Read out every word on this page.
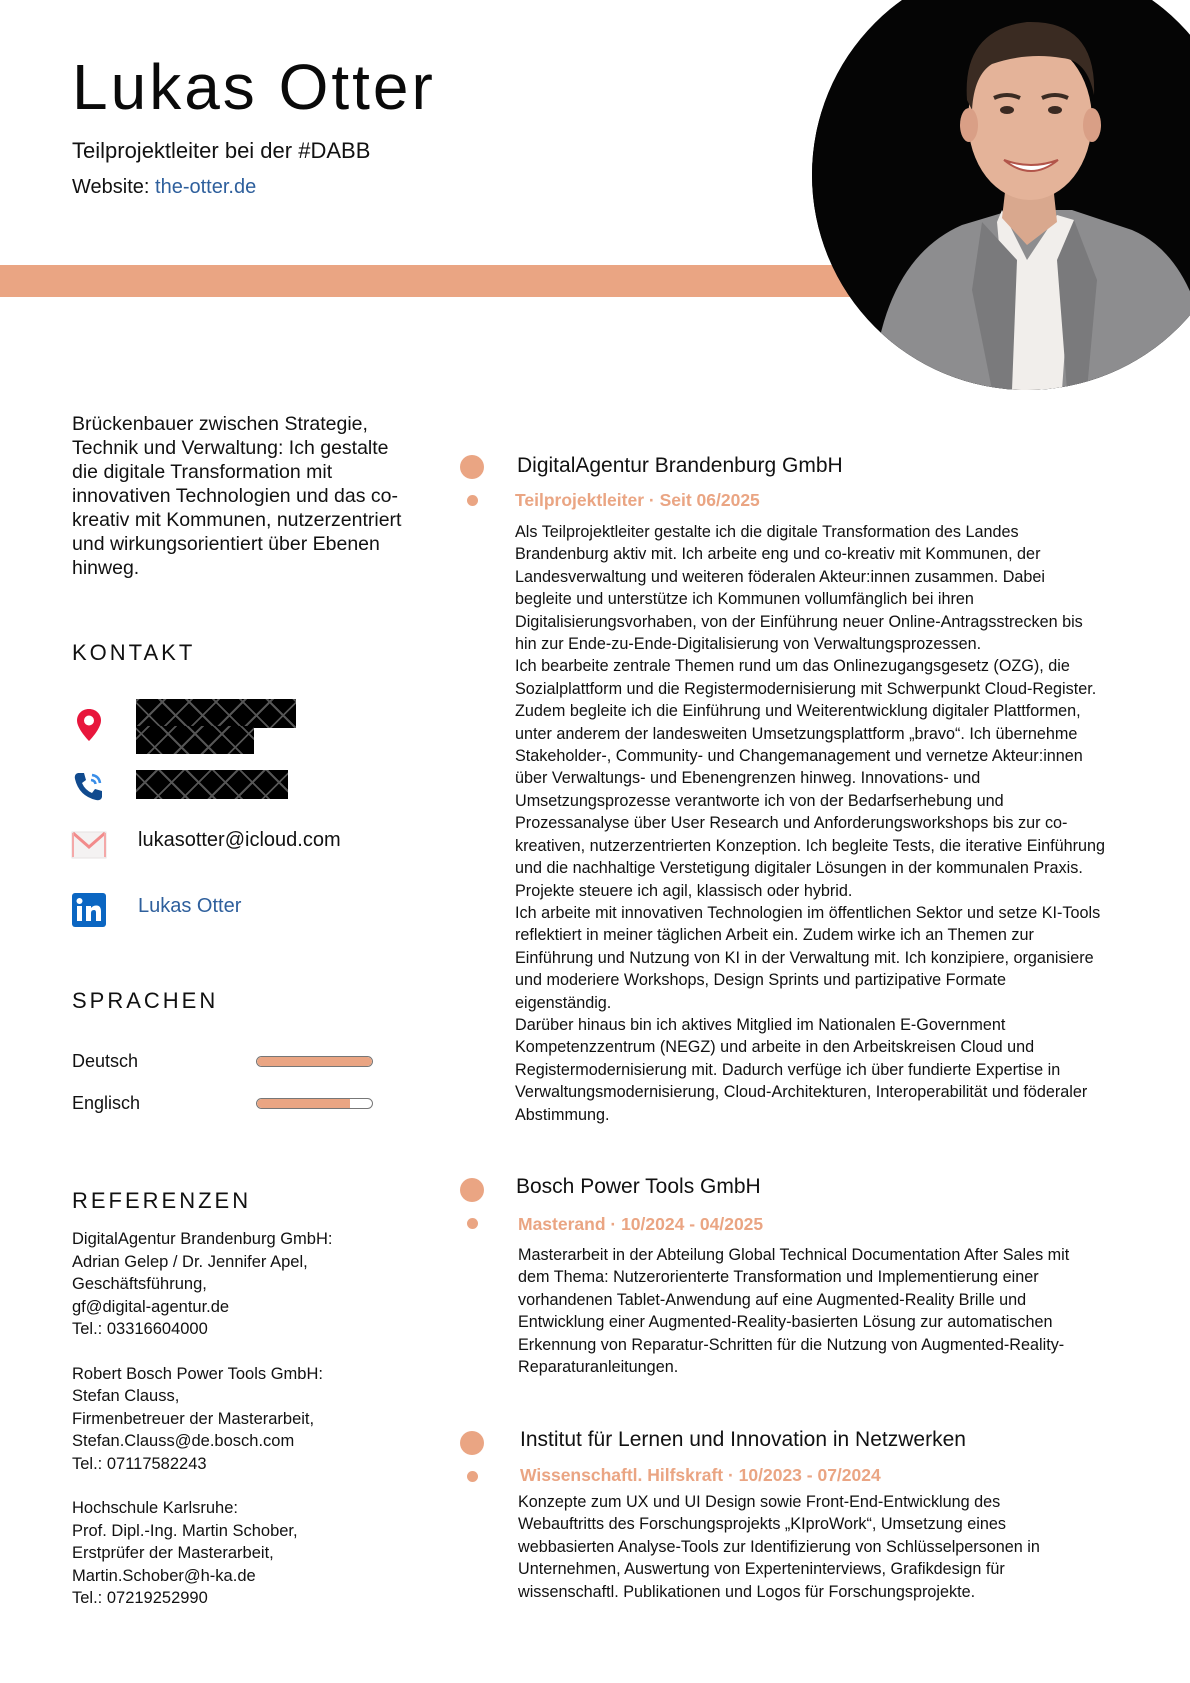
Lukas Otter
Teilprojektleiter bei der #DABB
Website: the-otter.de

Brückenbauer zwischen Strategie, Technik und Verwaltung: Ich gestalte die digitale Transformation mit innovativen Technologien und das co-kreativ mit Kommunen, nutzerzentriert und wirkungsorientiert über Ebenen hinweg.

KONTAKT
lukasotter@icloud.com
Lukas Otter
SPRACHEN
Deutsch
Englisch
REFERENZEN
DigitalAgentur Brandenburg GmbH:
Adrian Gelep / Dr. Jennifer Apel,
Geschäftsführung,
gf@digital-agentur.de
Tel.: 03316604000
Robert Bosch Power Tools GmbH:
Stefan Clauss,
Firmenbetreuer der Masterarbeit,
Stefan.Clauss@de.bosch.com
Tel.: 07117582243
Hochschule Karlsruhe:
Prof. Dipl.-Ing. Martin Schober,
Erstprüfer der Masterarbeit,
Martin.Schober@h-ka.de
Tel.: 07219252990
DigitalAgentur Brandenburg GmbH
Teilprojektleiter · Seit 06/2025

Als Teilprojektleiter gestalte ich die digitale Transformation des Landes Brandenburg aktiv mit. Ich arbeite eng und co-kreativ mit Kommunen, der Landesverwaltung und weiteren föderalen Akteur:innen zusammen. Dabei begleite und unterstütze ich Kommunen vollumfänglich bei ihren Digitalisierungsvorhaben, von der Einführung neuer Online-Antragsstrecken bis hin zur Ende-zu-Ende-Digitalisierung von Verwaltungsprozessen.

Ich bearbeite zentrale Themen rund um das Onlinezugangsgesetz (OZG), die Sozialplattform und die Registermodernisierung mit Schwerpunkt Cloud-Register. Zudem begleite ich die Einführung und Weiterentwicklung digitaler Plattformen, unter anderem der landesweiten Umsetzungsplattform „bravo“. Ich übernehme Stakeholder-, Community- und Changemanagement und vernetze Akteur:innen über Verwaltungs- und Ebenengrenzen hinweg. Innovations- und Umsetzungsprozesse verantworte ich von der Bedarfserhebung und Prozessanalyse über User Research und Anforderungsworkshops bis zur co-kreativen, nutzerzentrierten Konzeption. Ich begleite Tests, die iterative Einführung und die nachhaltige Verstetigung digitaler Lösungen in der kommunalen Praxis. Projekte steuere ich agil, klassisch oder hybrid.

Ich arbeite mit innovativen Technologien im öffentlichen Sektor und setze KI-Tools reflektiert in meiner täglichen Arbeit ein. Zudem wirke ich an Themen zur Einführung und Nutzung von KI in der Verwaltung mit. Ich konzipiere, organisiere und moderiere Workshops, Design Sprints und partizipative Formate eigenständig.

Darüber hinaus bin ich aktives Mitglied im Nationalen E-Government Kompetenzzentrum (NEGZ) und arbeite in den Arbeitskreisen Cloud und Registermodernisierung mit. Dadurch verfüge ich über fundierte Expertise in Verwaltungsmodernisierung, Cloud-Architekturen, Interoperabilität und föderaler Abstimmung.

Bosch Power Tools GmbH
Masterand · 10/2024 - 04/2025

Masterarbeit in der Abteilung Global Technical Documentation After Sales mit dem Thema: Nutzerorienterte Transformation und Implementierung einer vorhandenen Tablet-Anwendung auf eine Augmented-Reality Brille und Entwicklung einer Augmented-Reality-basierten Lösung zur automatischen Erkennung von Reparatur-Schritten für die Nutzung von Augmented-Reality-Reparaturanleitungen.

Institut für Lernen und Innovation in Netzwerken
Wissenschaftl. Hilfskraft · 10/2023 - 07/2024

Konzepte zum UX und UI Design sowie Front-End-Entwicklung des Webauftritts des Forschungsprojekts „KIproWork“, Umsetzung eines webbasierten Analyse-Tools zur Identifizierung von Schlüsselpersonen in Unternehmen, Auswertung von Experteninterviews, Grafikdesign für wissenschaftl. Publikationen und Logos für Forschungsprojekte.
